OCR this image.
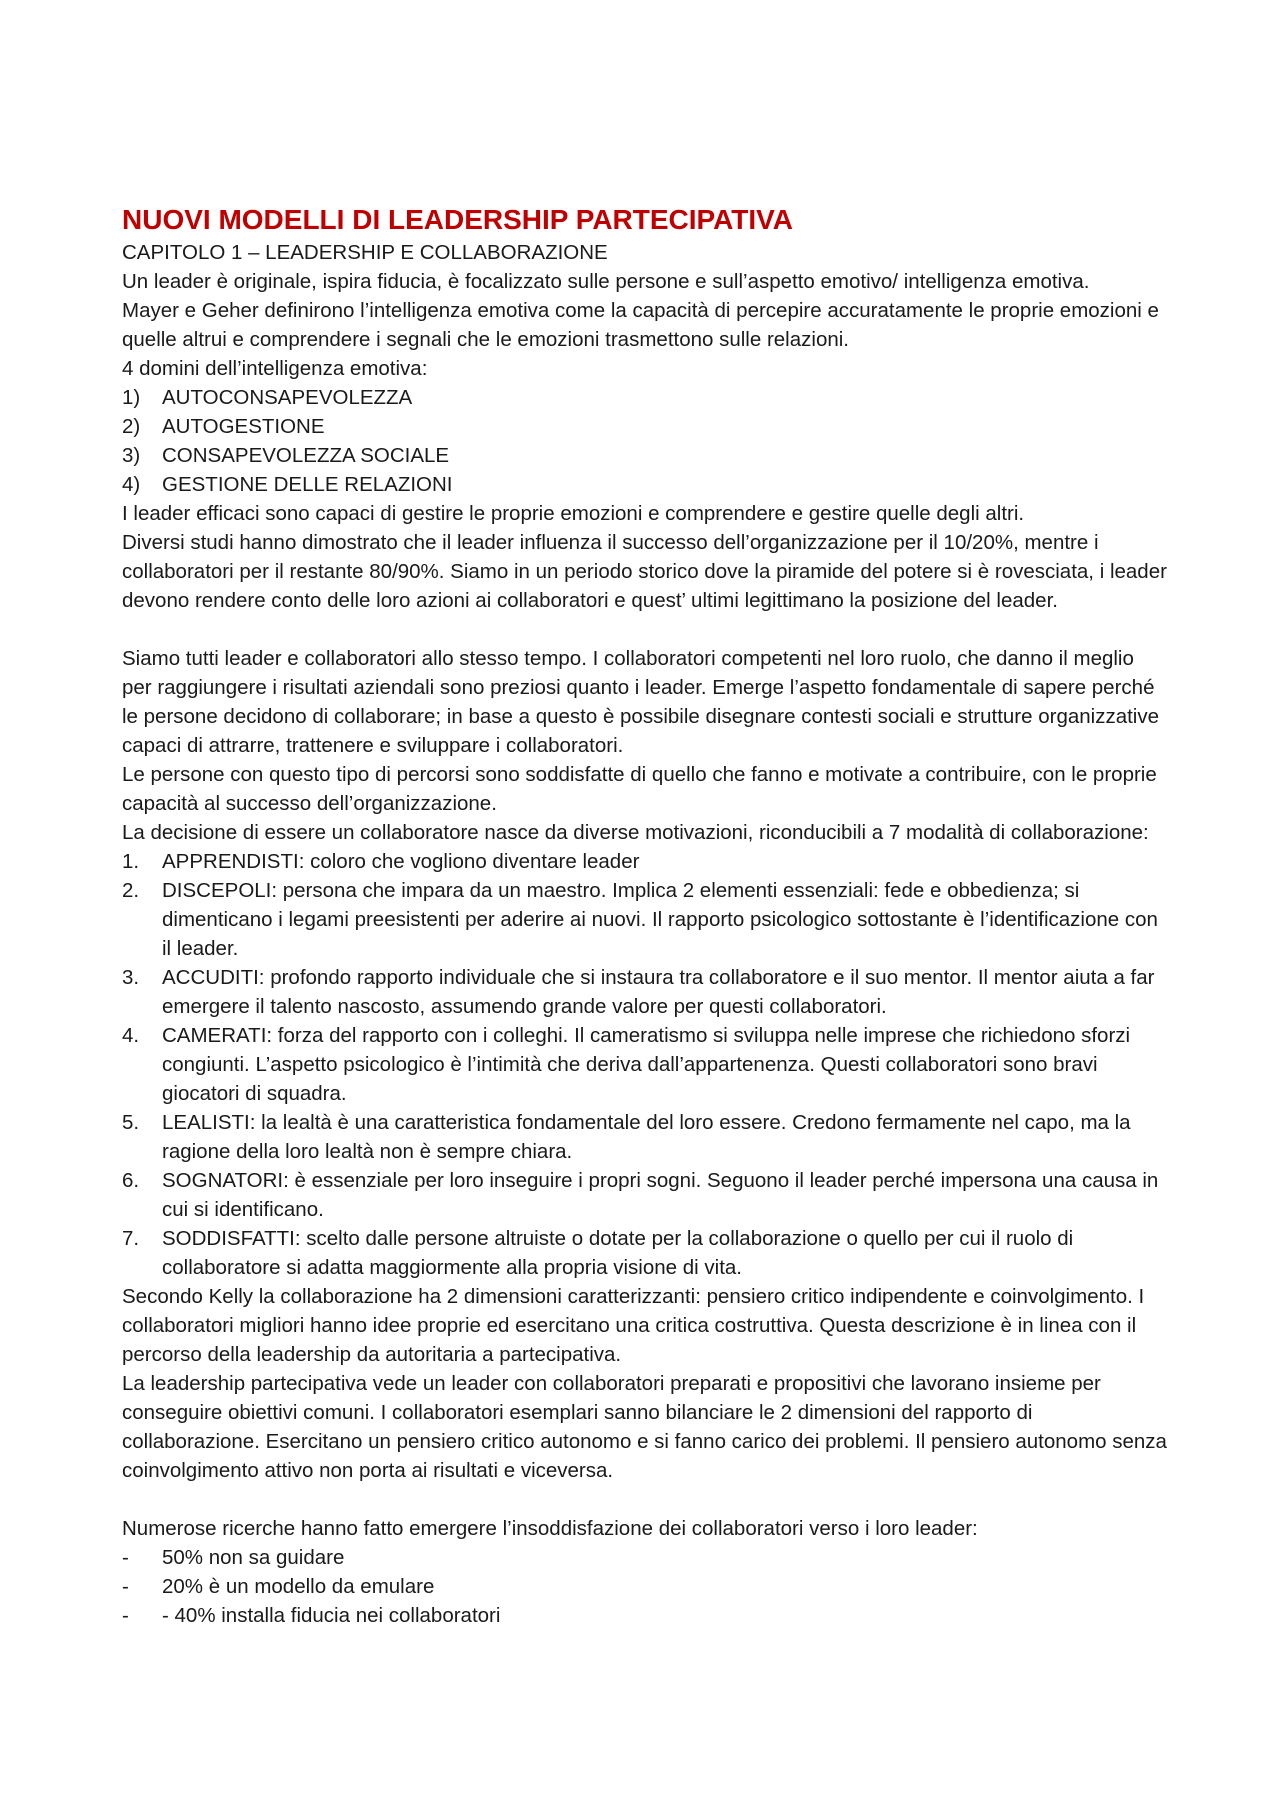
NUOVI MODELLI DI LEADERSHIP PARTECIPATIVA
CAPITOLO 1 – LEADERSHIP E COLLABORAZIONE

Un leader è originale, ispira fiducia, è focalizzato sulle persone e sull’aspetto emotivo/ intelligenza emotiva.

Mayer e Geher definirono l’intelligenza emotiva come la capacità di percepire accuratamente le proprie emozioni e quelle altrui e comprendere i segnali che le emozioni trasmettono sulle relazioni.

4 domini dell’intelligenza emotiva:

1)	AUTOCONSAPEVOLEZZA
2)	AUTOGESTIONE
3)	CONSAPEVOLEZZA SOCIALE
4)	GESTIONE DELLE RELAZIONI

I leader efficaci sono capaci di gestire le proprie emozioni e comprendere e gestire quelle degli altri.

Diversi studi hanno dimostrato che il leader influenza il successo dell’organizzazione per il 10/20%, mentre i collaboratori per il restante 80/90%. Siamo in un periodo storico dove la piramide del potere si è rovesciata, i leader devono rendere conto delle loro azioni ai collaboratori e quest’ ultimi legittimano la posizione del leader.

Siamo tutti leader e collaboratori allo stesso tempo. I collaboratori competenti nel loro ruolo, che danno il meglio per raggiungere i risultati aziendali sono preziosi quanto i leader. Emerge l’aspetto fondamentale di sapere perché le persone decidono di collaborare; in base a questo è possibile disegnare contesti sociali e strutture organizzative capaci di attrarre, trattenere e sviluppare i collaboratori.

Le persone con questo tipo di percorsi sono soddisfatte di quello che fanno e motivate a contribuire, con le proprie capacità al successo dell’organizzazione.

La decisione di essere un collaboratore nasce da diverse motivazioni, riconducibili a 7 modalità di collaborazione:

1.	APPRENDISTI: coloro che vogliono diventare leader
2.	DISCEPOLI: persona che impara da un maestro. Implica 2 elementi essenziali: fede e obbedienza; si dimenticano i legami preesistenti per aderire ai nuovi. Il rapporto psicologico sottostante è l’identificazione con il leader.
3.	ACCUDITI: profondo rapporto individuale che si instaura tra collaboratore e il suo mentor. Il mentor aiuta a far emergere il talento nascosto, assumendo grande valore per questi collaboratori.
4.	CAMERATI: forza del rapporto con i colleghi. Il cameratismo si sviluppa nelle imprese che richiedono sforzi congiunti. L’aspetto psicologico è l’intimità che deriva dall’appartenenza. Questi collaboratori sono bravi giocatori di squadra.
5.	LEALISTI: la lealtà è una caratteristica fondamentale del loro essere. Credono fermamente nel capo, ma la ragione della loro lealtà non è sempre chiara.
6.	SOGNATORI: è essenziale per loro inseguire i propri sogni. Seguono il leader perché impersona una causa in cui si identificano.
7.	SODDISFATTI: scelto dalle persone altruiste o dotate per la collaborazione o quello per cui il ruolo di collaboratore si adatta maggiormente alla propria visione di vita.

Secondo Kelly la collaborazione ha 2 dimensioni caratterizzanti: pensiero critico indipendente e coinvolgimento. I collaboratori migliori hanno idee proprie ed esercitano una critica costruttiva. Questa descrizione è in linea con il percorso della leadership da autoritaria a partecipativa.

La leadership partecipativa vede un leader con collaboratori preparati e propositivi che lavorano insieme per conseguire obiettivi comuni. I collaboratori esemplari sanno bilanciare le 2 dimensioni del rapporto di collaborazione. Esercitano un pensiero critico autonomo e si fanno carico dei problemi. Il pensiero autonomo senza coinvolgimento attivo non porta ai risultati e viceversa.

Numerose ricerche hanno fatto emergere l’insoddisfazione dei collaboratori verso i loro leader:

-	50% non sa guidare
-	20% è un modello da emulare
-	- 40% installa fiducia nei collaboratori
